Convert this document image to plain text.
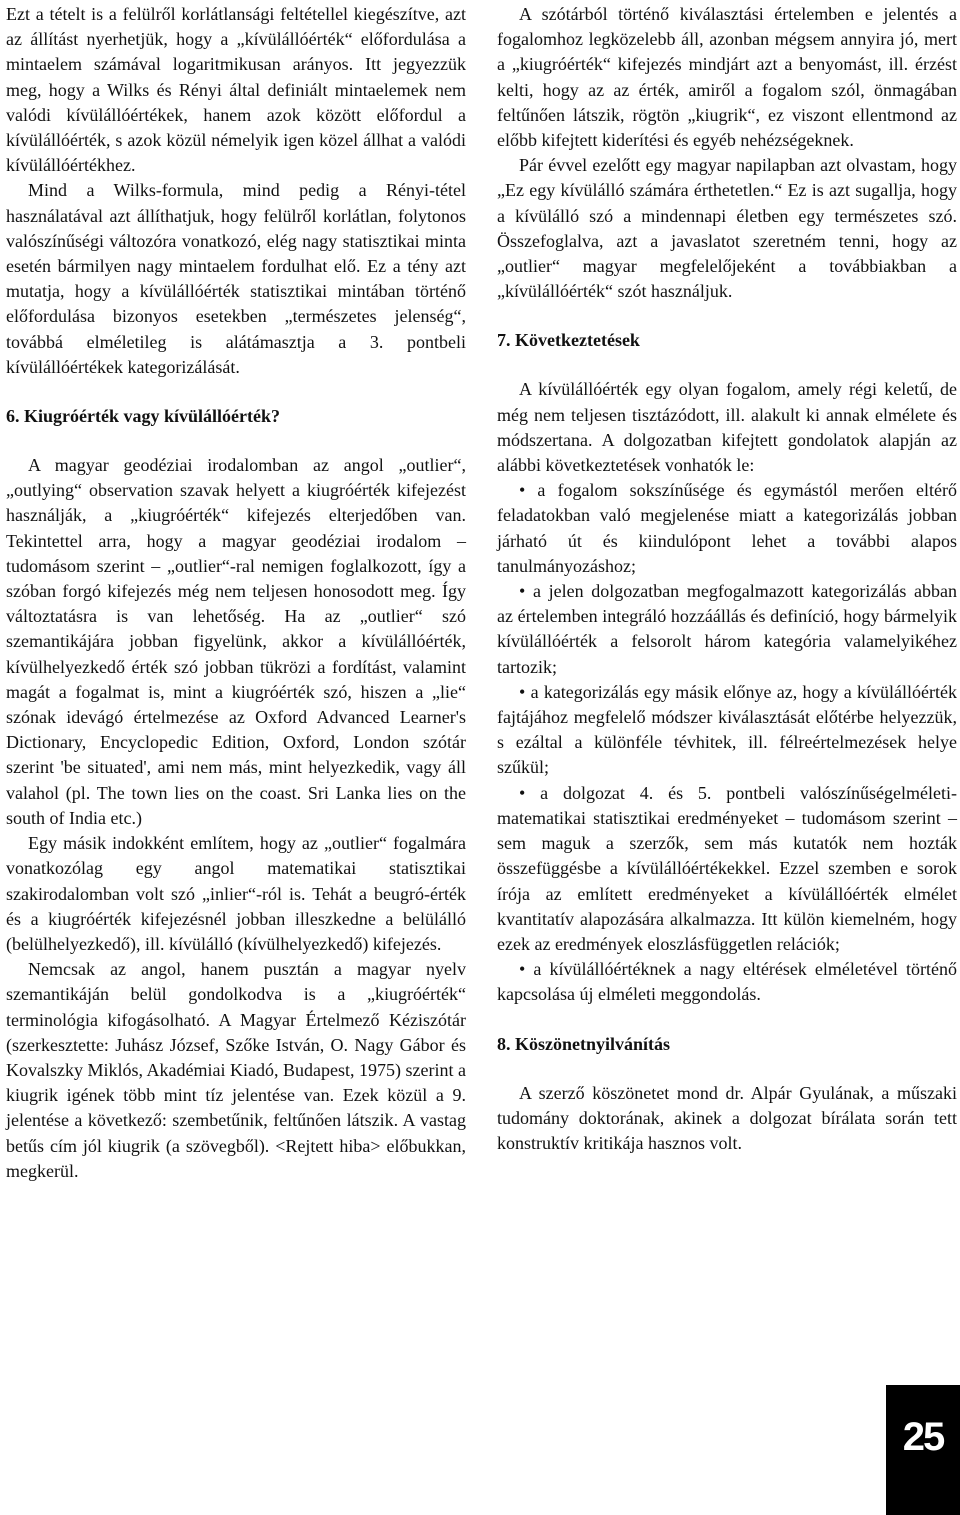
Ezt a tételt is a felülről korlátlansági feltétellel kiegészítve, azt az állítást nyerhetjük, hogy a „kívülállóérték“ előfordulása a mintaelem számával logaritmikusan arányos. Itt jegyezzük meg, hogy a Wilks és Rényi által definiált mintaelemek nem valódi kívülállóértékek, hanem azok között előfordul a kívülállóérték, s azok közül némelyik igen közel állhat a valódi kívülállóértékhez.

Mind a Wilks-formula, mind pedig a Rényi-tétel használatával azt állíthatjuk, hogy felülről korlátlan, folytonos valószínűségi változóra vonatkozó, elég nagy statisztikai minta esetén bármilyen nagy mintaelem fordulhat elő. Ez a tény azt mutatja, hogy a kívülállóérték statisztikai mintában történő előfordulása bizonyos esetekben „természetes jelenség“, továbbá elméletileg is alátámasztja a 3. pontbeli kívülállóértékek kategorizálását.

6. Kiugróérték vagy kívülállóérték?

A magyar geodéziai irodalomban az angol „outlier“, „outlying“ observation szavak helyett a kiugróérték kifejezést használják, a „kiugróérték“ kifejezés elterjedőben van. Tekintettel arra, hogy a magyar geodéziai irodalom – tudomásom szerint – „outlier“-ral nemigen foglalkozott, így a szóban forgó kifejezés még nem teljesen honosodott meg. Így változtatásra is van lehetőség. Ha az „outlier“ szó szemantikájára jobban figyelünk, akkor a kívülállóérték, kívülhelyezkedő érték szó jobban tükrözi a fordítást, valamint magát a fogalmat is, mint a kiugróérték szó, hiszen a „lie“ szónak idevágó értelmezése az Oxford Advanced Learner's Dictionary, Encyclopedic Edition, Oxford, London szótár szerint 'be situated', ami nem más, mint helyezkedik, vagy áll valahol (pl. The town lies on the coast. Sri Lanka lies on the south of India etc.)

Egy másik indokként említem, hogy az „outlier“ fogalmára vonatkozólag egy angol matematikai statisztikai szakirodalomban volt szó „inlier“-ról is. Tehát a beugró-érték és a kiugróérték kifejezésnél jobban illeszkedne a belülálló (belülhelyezkedő), ill. kívülálló (kívülhelyezkedő) kifejezés.

Nemcsak az angol, hanem pusztán a magyar nyelv szemantikáján belül gondolkodva is a „kiugróérték“ terminológia kifogásolható. A Magyar Értelmező Kéziszótár (szerkesztette: Juhász József, Szőke István, O. Nagy Gábor és Kovalszky Miklós, Akadémiai Kiadó, Budapest, 1975) szerint a kiugrik igének több mint tíz jelentése van. Ezek közül a 9. jelentése a következő: szembetűnik, feltűnően látszik. A vastag betűs cím jól kiugrik (a szövegből). <Rejtett hiba> előbukkan, megkerül.

A szótárból történő kiválasztási értelemben e jelentés a fogalomhoz legközelebb áll, azonban mégsem annyira jó, mert a „kiugróérték“ kifejezés mindjárt azt a benyomást, ill. érzést kelti, hogy az az érték, amiről a fogalom szól, önmagában feltűnően látszik, rögtön „kiugrik“, ez viszont ellentmond az előbb kifejtett kiderítési és egyéb nehézségeknek.

Pár évvel ezelőtt egy magyar napilapban azt olvastam, hogy „Ez egy kívülálló számára érthetetlen.“ Ez is azt sugallja, hogy a kívülálló szó a mindennapi életben egy természetes szó. Összefoglalva, azt a javaslatot szeretném tenni, hogy az „outlier“ magyar megfelelőjeként a továbbiakban a „kívülállóérték“ szót használjuk.

7. Következtetések

A kívülállóérték egy olyan fogalom, amely régi keletű, de még nem teljesen tisztázódott, ill. alakult ki annak elmélete és módszertana. A dolgozatban kifejtett gondolatok alapján az alábbi következtetések vonhatók le:

• a fogalom sokszínűsége és egymástól merően eltérő feladatokban való megjelenése miatt a kategorizálás jobban járható út és kiindulópont lehet a további alapos tanulmányozáshoz;

• a jelen dolgozatban megfogalmazott kategorizálás abban az értelemben integráló hozzáállás és definíció, hogy bármelyik kívülállóérték a felsorolt három kategória valamelyikéhez tartozik;

• a kategorizálás egy másik előnye az, hogy a kívülállóérték fajtájához megfelelő módszer kiválasztását előtérbe helyezzük, s ezáltal a különféle tévhitek, ill. félreértelmezések helye szűkül;

• a dolgozat 4. és 5. pontbeli valószínűségelméleti-matematikai statisztikai eredményeket – tudomásom szerint – sem maguk a szerzők, sem más kutatók nem hozták összefüggésbe a kívülállóértékekkel. Ezzel szemben e sorok írója az említett eredményeket a kívülállóérték elmélet kvantitatív alapozására alkalmazza. Itt külön kiemelném, hogy ezek az eredmények eloszlásfüggetlen relációk;

• a kívülállóértéknek a nagy eltérések elméletével történő kapcsolása új elméleti meggondolás.

8. Köszönetnyilvánítás

A szerző köszönetet mond dr. Alpár Gyulának, a műszaki tudomány doktorának, akinek a dolgozat bírálata során tett konstruktív kritikája hasznos volt.

25
